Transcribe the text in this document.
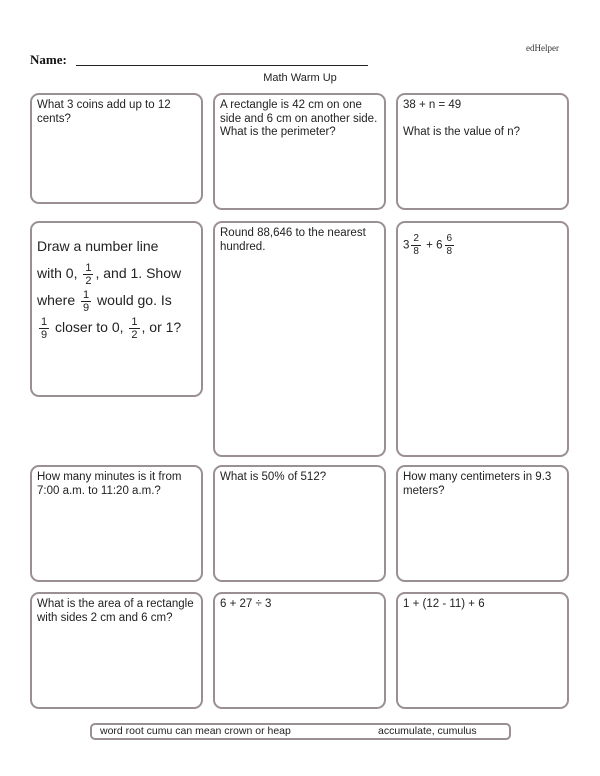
edHelper
Name:
Math Warm Up
What 3 coins add up to 12 cents?
A rectangle is 42 cm on one side and 6 cm on another side. What is the perimeter?
38 + n = 49
What is the value of n?
Draw a number line
with 0, $\frac{1}{2}$ , and 1. Show
where $\frac{1}{9}$ would go. Is
$\frac{1}{9}$ closer to 0, $\frac{1}{2}$ , or 1?
Round 88,646 to the nearest hundred.	$3 \frac{2}{8} + 6 \frac{6}{8}$
How many minutes is it from 7:00 a.m. to 11:20 a.m.?
What is 50% of 512?	How many centimeters in 9.3 meters?
What is the area of a rectangle with sides 2 cm and 6 cm?
6 + 27 ÷ 3	1 + (12 - 11) + 6
word root cumu can mean crown or heap	accumulate, cumulus
